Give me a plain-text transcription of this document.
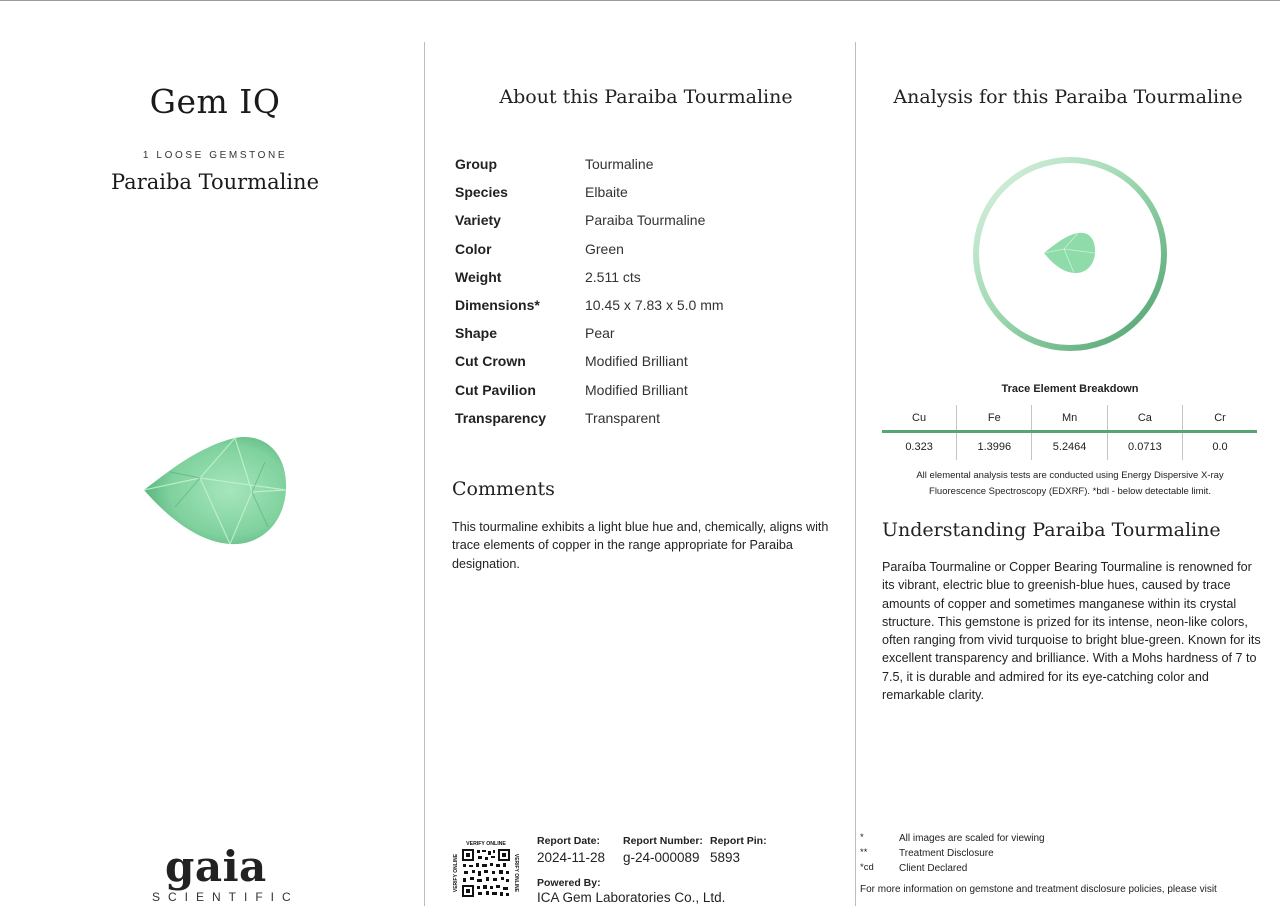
Gem IQ
1 LOOSE GEMSTONE
Paraiba Tourmaline
gaia
SCIENTIFIC
About this Paraiba Tourmaline
Group	Tourmaline
Species	Elbaite
Variety	Paraiba Tourmaline
Color	Green
Weight	2.511 cts
Dimensions*	10.45 x 7.83 x 5.0 mm
Shape	Pear
Cut Crown	Modified Brilliant
Cut Pavilion	Modified Brilliant
Transparency	Transparent
Comments
This tourmaline exhibits a light blue hue and, chemically, aligns with trace elements of copper in the range appropriate for Paraiba designation.
VERIFY ONLINE
VERIFY ONLINE	VERIFY ONLINE
Report Date:
2024-11-28
Report Number:
g-24-000089
Report Pin:
5893
Powered By:
ICA Gem Laboratories Co., Ltd.
Analysis for this Paraiba Tourmaline
Trace Element Breakdown
Cu	Fe	Mn	Ca	Cr
0.323	1.3996	5.2464	0.0713	0.0
All elemental analysis tests are conducted using Energy Dispersive X-ray Fluorescence Spectroscopy (EDXRF). *bdl - below detectable limit.
Understanding Paraiba Tourmaline
Paraíba Tourmaline or Copper Bearing Tourmaline is renowned for its vibrant, electric blue to greenish-blue hues, caused by trace amounts of copper and sometimes manganese within its crystal structure. This gemstone is prized for its intense, neon-like colors, often ranging from vivid turquoise to bright blue-green. Known for its excellent transparency and brilliance. With a Mohs hardness of 7 to 7.5, it is durable and admired for its eye-catching color and remarkable clarity.
*	All images are scaled for viewing
**	Treatment Disclosure
*cd	Client Declared
For more information on gemstone and treatment disclosure policies, please visit
